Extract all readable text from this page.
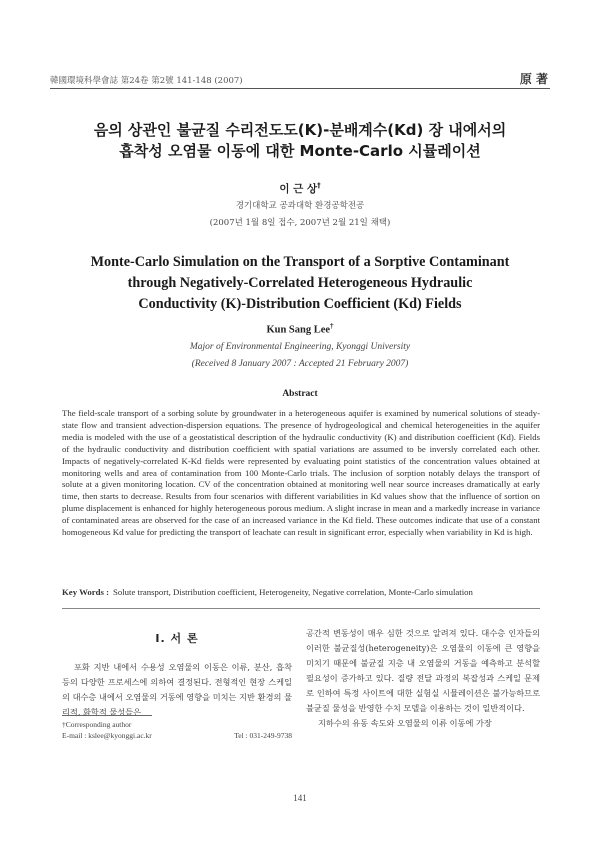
韓國環境科學會誌 第24卷 第2號 141-148 (2007)	原 著
음의 상관인 불균질 수리전도도(K)-분배계수(Kd) 장 내에서의
흡착성 오염물 이동에 대한 Monte-Carlo 시뮬레이션
이 근 상†
경기대학교 공과대학 환경공학전공
(2007년 1월 8일 접수, 2007년 2월 21일 채택)
Monte-Carlo Simulation on the Transport of a Sorptive Contaminant
through Negatively-Correlated Heterogeneous Hydraulic
Conductivity (K)-Distribution Coefficient (Kd) Fields
Kun Sang Lee†
Major of Environmental Engineering, Kyonggi University
(Received 8 January 2007 : Accepted 21 February 2007)
Abstract
The field-scale transport of a sorbing solute by groundwater in a heterogeneous aquifer is examined by numerical solutions of steady-state flow and transient advection-dispersion equations. The presence of hydrogeological and chemical heterogeneities in the aquifer media is modeled with the use of a geostatistical description of the hydraulic conductivity (K) and distribution coefficient (Kd). Fields of the hydraulic conductivity and distribution coefficient with spatial variations are assumed to be inversly correlated each other. Impacts of negatively-correlated K-Kd fields were represented by evaluating point statistics of the concentration values obtained at monitoring wells and area of contamination from 100 Monte-Carlo trials. The inclusion of sorption notably delays the transport of solute at a given monitoring location. CV of the concentration obtained at monitoring well near source increases dramatically at early time, then starts to decrease. Results from four scenarios with different variabilities in Kd values show that the influence of sortion on plume displacement is enhanced for highly heterogeneous porous medium. A slight incrase in mean and a markedly increase in variance of contaminated areas are observed for the case of an increased variance in the Kd field. These outcomes indicate that use of a constant homogeneous Kd value for predicting the transport of leachate can result in significant error, especially when variability in Kd is high.
Key Words : Solute transport, Distribution coefficient, Heterogeneity, Negative correlation, Monte-Carlo simulation
I. 서 론

포화 지반 내에서 수용성 오염물의 이동은 이류, 분산, 흡착 등의 다양한 프로세스에 의하여 결정된다. 전형적인 현장 스케일의 대수층 내에서 오염물의 거동에 영향을 미치는 지반 환경의 물리적, 화학적 물성들은

공간적 변동성이 매우 심한 것으로 알려져 있다. 대수층 인자들의 이러한 불균질성(heterogeneity)은 오염물의 이동에 큰 영향을 미치기 때문에 불균질 지층 내 오염물의 거동을 예측하고 분석할 필요성이 증가하고 있다. 질량 전달 과정의 복잡성과 스케일 문제로 인하여 특정 사이트에 대한 실험실 시뮬레이션은 불가능하므로 불균질 물성을 반영한 수치 모델을 이용하는 것이 일반적이다.

지하수의 유동 속도와 오염물의 이류 이동에 가장

†Corresponding author
E-mail : kslee@kyonggi.ac.kr	Tel : 031-249-9738
141
